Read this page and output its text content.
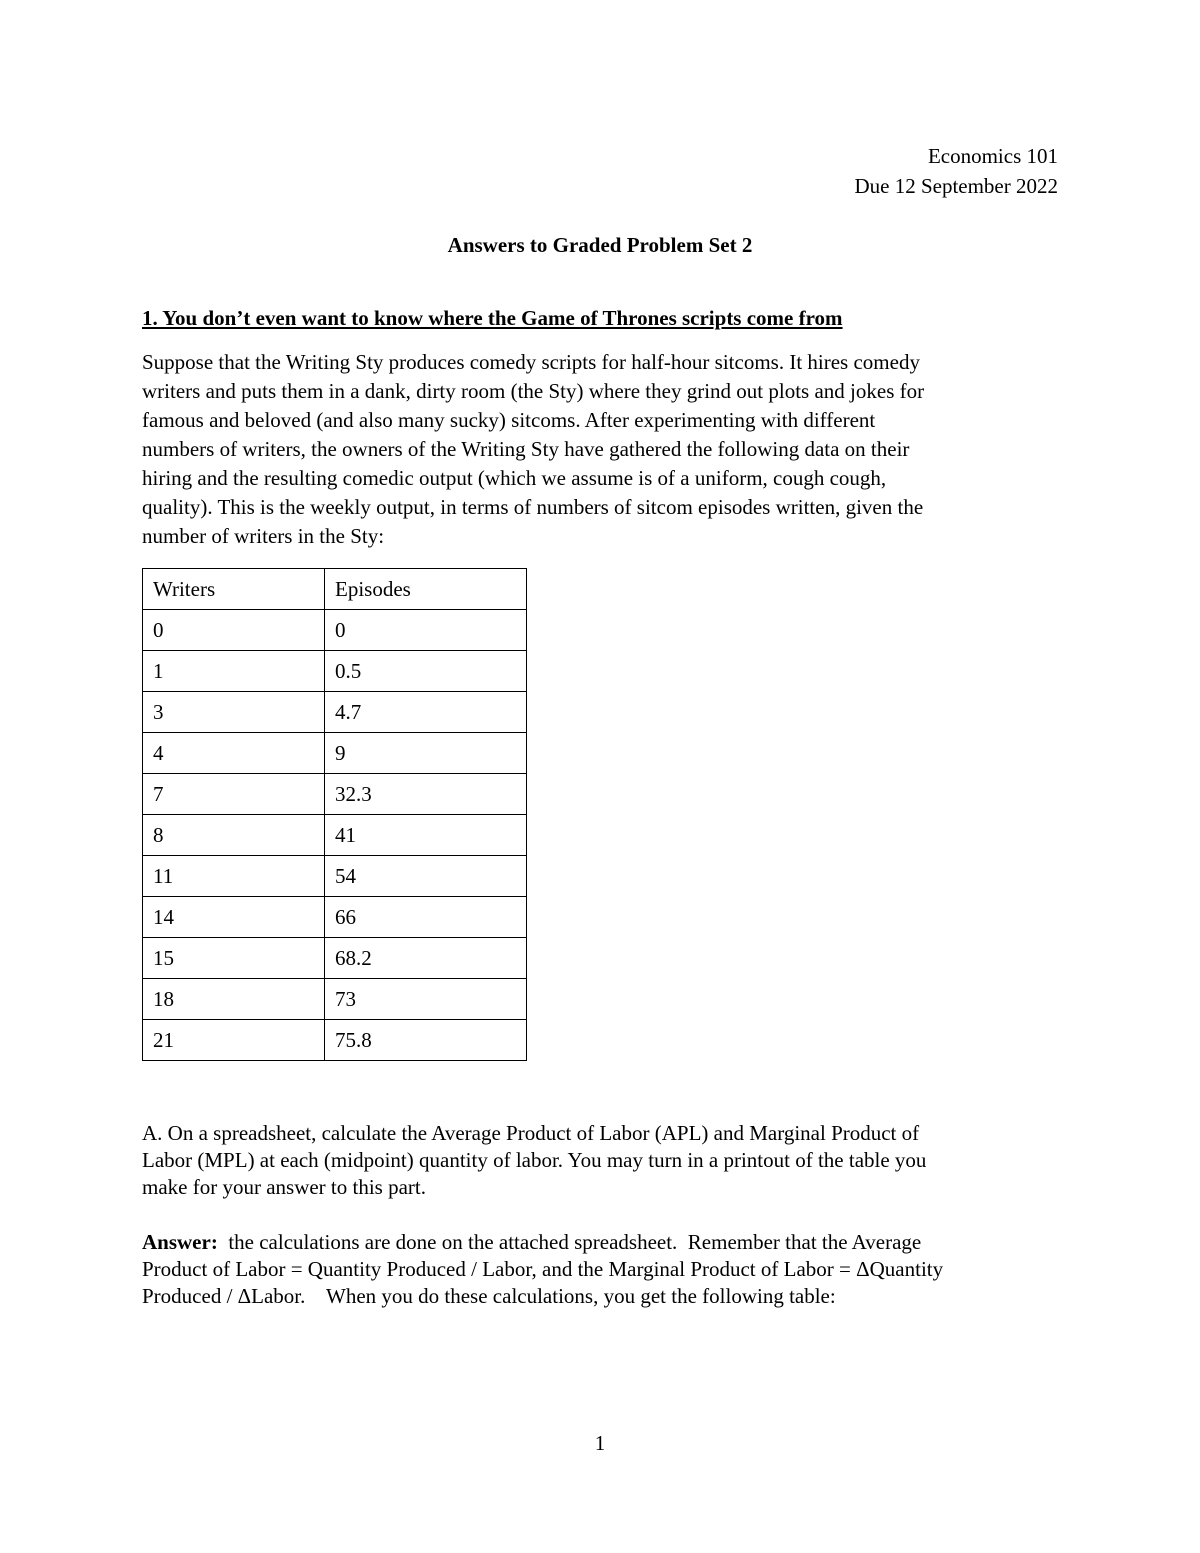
Economics 101
Due 12 September 2022
Answers to Graded Problem Set 2
1. You don’t even want to know where the Game of Thrones scripts come from
Suppose that the Writing Sty produces comedy scripts for half-hour sitcoms. It hires comedy
writers and puts them in a dank, dirty room (the Sty) where they grind out plots and jokes for
famous and beloved (and also many sucky) sitcoms. After experimenting with different
numbers of writers, the owners of the Writing Sty have gathered the following data on their
hiring and the resulting comedic output (which we assume is of a uniform, cough cough,
quality). This is the weekly output, in terms of numbers of sitcom episodes written, given the
number of writers in the Sty:
Writers	Episodes
0	0
1	0.5
3	4.7
4	9
7	32.3
8	41
11	54
14	66
15	68.2
18	73
21	75.8
A. On a spreadsheet, calculate the Average Product of Labor (APL) and Marginal Product of
Labor (MPL) at each (midpoint) quantity of labor. You may turn in a printout of the table you
make for your answer to this part.
Answer:  the calculations are done on the attached spreadsheet.  Remember that the Average
Product of Labor = Quantity Produced / Labor, and the Marginal Product of Labor = ΔQuantity
Produced / ΔLabor.    When you do these calculations, you get the following table:
1
